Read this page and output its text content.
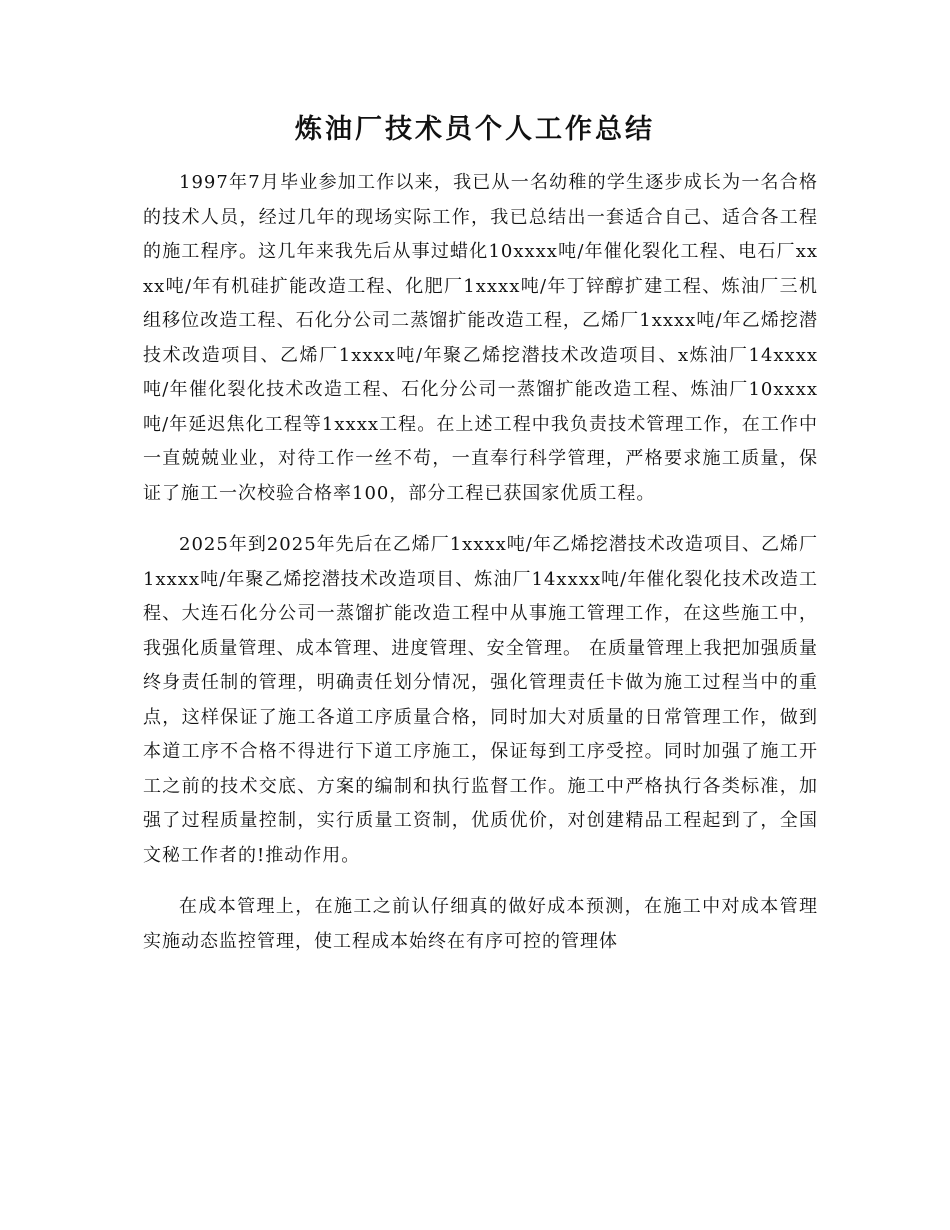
炼油厂技术员个人工作总结

1997年7月毕业参加工作以来，我已从一名幼稚的学生逐步成长为一名合格的技术人员，经过几年的现场实际工作，我已总结出一套适合自己、适合各工程的施工程序。这几年来我先后从事过蜡化10xxxx吨/年催化裂化工程、电石厂xxxx吨/年有机硅扩能改造工程、化肥厂1xxxx吨/年丁锌醇扩建工程、炼油厂三机组移位改造工程、石化分公司二蒸馏扩能改造工程，乙烯厂1xxxx吨/年乙烯挖潜技术改造项目、乙烯厂1xxxx吨/年聚乙烯挖潜技术改造项目、x炼油厂14xxxx吨/年催化裂化技术改造工程、石化分公司一蒸馏扩能改造工程、炼油厂10xxxx吨/年延迟焦化工程等1xxxx工程。在上述工程中我负责技术管理工作，在工作中一直兢兢业业，对待工作一丝不苟，一直奉行科学管理，严格要求施工质量，保证了施工一次校验合格率100，部分工程已获国家优质工程。

2025年到2025年先后在乙烯厂1xxxx吨/年乙烯挖潜技术改造项目、乙烯厂1xxxx吨/年聚乙烯挖潜技术改造项目、炼油厂14xxxx吨/年催化裂化技术改造工程、大连石化分公司一蒸馏扩能改造工程中从事施工管理工作，在这些施工中，我强化质量管理、成本管理、进度管理、安全管理。 在质量管理上我把加强质量终身责任制的管理，明确责任划分情况，强化管理责任卡做为施工过程当中的重点，这样保证了施工各道工序质量合格，同时加大对质量的日常管理工作，做到本道工序不合格不得进行下道工序施工，保证每到工序受控。同时加强了施工开工之前的技术交底、方案的编制和执行监督工作。施工中严格执行各类标准，加强了过程质量控制，实行质量工资制，优质优价，对创建精品工程起到了，全国文秘工作者的!推动作用。

在成本管理上，在施工之前认仔细真的做好成本预测，在施工中对成本管理实施动态监控管理，使工程成本始终在有序可控的管理体
